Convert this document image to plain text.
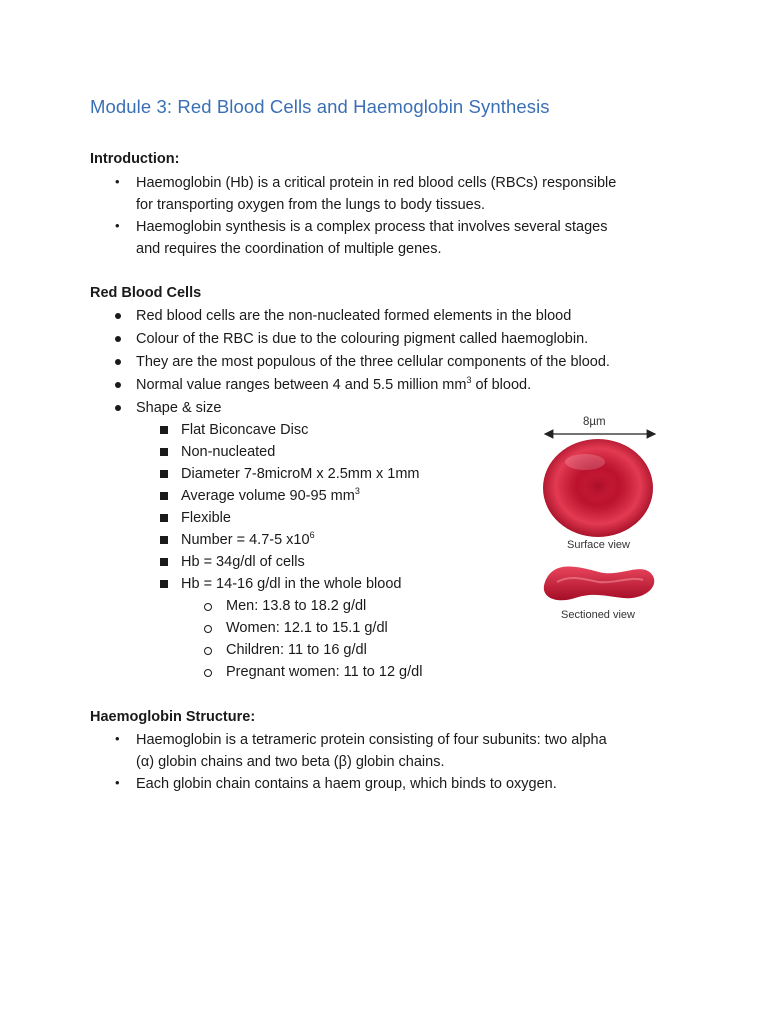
Module 3: Red Blood Cells and Haemoglobin Synthesis
Introduction:
• Haemoglobin (Hb) is a critical protein in red blood cells (RBCs) responsible
for transporting oxygen from the lungs to body tissues.
• Haemoglobin synthesis is a complex process that involves several stages
and requires the coordination of multiple genes.
Red Blood Cells
Red blood cells are the non-nucleated formed elements in the blood
Colour of the RBC is due to the colouring pigment called haemoglobin.
They are the most populous of the three cellular components of the blood.
Normal value ranges between 4 and 5.5 million $mm^3$ of blood.
Shape & size
Flat Biconcave Disc
Non-nucleated
Diameter 7-8microM x 2.5mm x 1mm
Average volume 90-95 $mm^3$
Flexible
Number = 4.7-5 $x10^6$
Hb = 34g/dl of cells
Hb = 14-16 g/dl in the whole blood
Men: 13.8 to 18.2 g/dl
Women: 12.1 to 15.1 g/dl
Children: 11 to 16 g/dl
Pregnant women: 11 to 12 g/dl
8µm
Surface view
Sectioned view
Haemoglobin Structure:
• Haemoglobin is a tetrameric protein consisting of four subunits: two alpha
(α) globin chains and two beta (β) globin chains.
• Each globin chain contains a haem group, which binds to oxygen.
